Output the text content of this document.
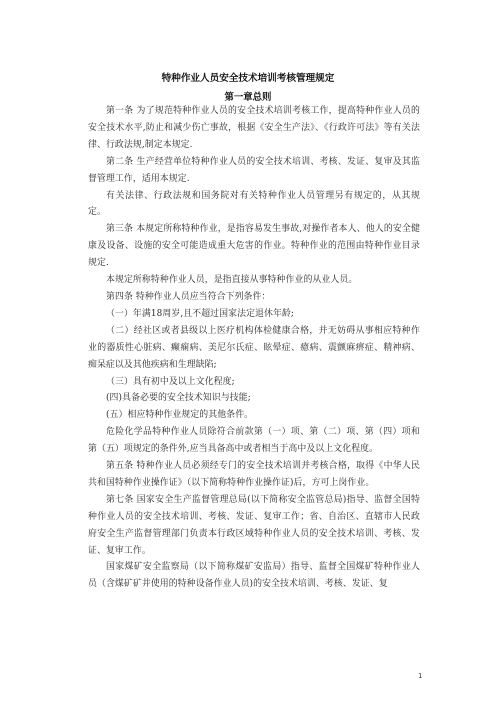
特种作业人员安全技术培训考核管理规定
第一章总则

第一条 为了规范特种作业人员的安全技术培训考核工作，提高特种作业人员的安全技术水平,防止和减少伤亡事故，根据《安全生产法》、《行政许可法》等有关法律、行政法规,制定本规定.

第二条 生产经营单位特种作业人员的安全技术培训、考核、发证、复审及其监督管理工作，适用本规定.

有关法律、行政法规和国务院对有关特种作业人员管理另有规定的，从其规定。

第三条 本规定所称特种作业，是指容易发生事故,对操作者本人、他人的安全健康及设备、设施的安全可能造成重大危害的作业。特种作业的范围由特种作业目录规定.

本规定所称特种作业人员，是指直接从事特种作业的从业人员。

第四条 特种作业人员应当符合下列条件：

（一）年满18周岁,且不超过国家法定退休年龄;

（二）经社区或者县级以上医疗机构体检健康合格，并无妨碍从事相应特种作业的器质性心脏病、癫痫病、美尼尔氏症、眩晕症、癔病、震颤麻痹症、精神病、痴呆症以及其他疾病和生理缺陷;

（三）具有初中及以上文化程度;

(四)具备必要的安全技术知识与技能;

(五）相应特种作业规定的其他条件。

危险化学品特种作业人员除符合前款第（一）项、第（二）项、第（四）项和第（五）项规定的条件外,应当具备高中或者相当于高中及以上文化程度。

第五条 特种作业人员必须经专门的安全技术培训并考核合格，取得《中华人民共和国特种作业操作证》（以下简称特种作业操作证)后，方可上岗作业。

第七条 国家安全生产监督管理总局(以下简称安全监管总局)指导、监督全国特种作业人员的安全技术培训、考核、发证、复审工作；省、自治区、直辖市人民政府安全生产监督管理部门负责本行政区域特种作业人员的安全技术培训、考核、发证、复审工作。

国家煤矿安全监察局（以下简称煤矿安监局）指导、监督全国煤矿特种作业人员（含煤矿矿井使用的特种设备作业人员)的安全技术培训、考核、发证、复

1
